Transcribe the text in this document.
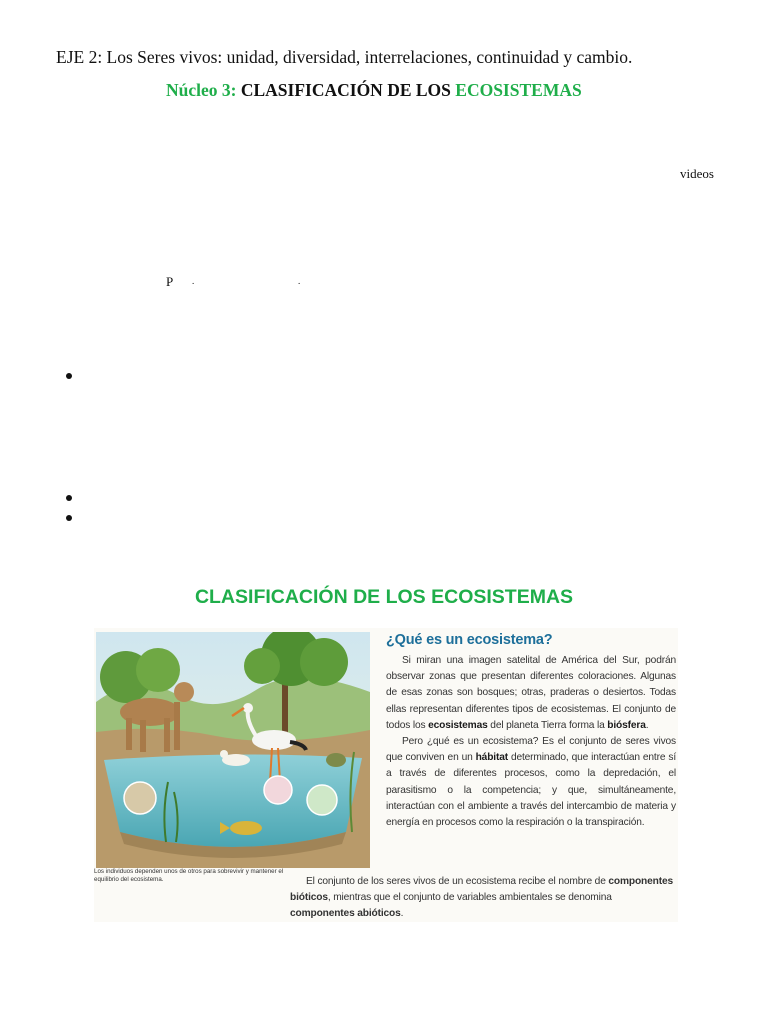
EJE 2: Los Seres vivos: unidad, diversidad, interrelaciones, continuidad y cambio.
Núcleo 3: CLASIFICACIÓN DE LOS ECOSISTEMAS
videos
P .	.
CLASIFICACIÓN DE LOS ECOSISTEMAS
Los individuos dependen unos de otros para sobrevivir y mantener el equilibrio del ecosistema.
¿Qué es un ecosistema?

Si miran una imagen satelital de América del Sur, podrán observar zonas que presentan diferentes coloraciones. Algunas de esas zonas son bosques; otras, praderas o desiertos. Todas ellas representan diferentes tipos de ecosistemas. El conjunto de todos los ecosistemas del planeta Tierra forma la biósfera.

Pero ¿qué es un ecosistema? Es el conjunto de seres vivos que conviven en un hábitat determinado, que interactúan entre sí a través de diferentes procesos, como la depredación, el parasitismo o la competencia; y que, simultáneamente, interactúan con el ambiente a través del intercambio de materia y energía en procesos como la respiración o la transpiración.

El conjunto de los seres vivos de un ecosistema recibe el nombre de componentes bióticos, mientras que el conjunto de variables ambientales se denomina componentes abióticos.
